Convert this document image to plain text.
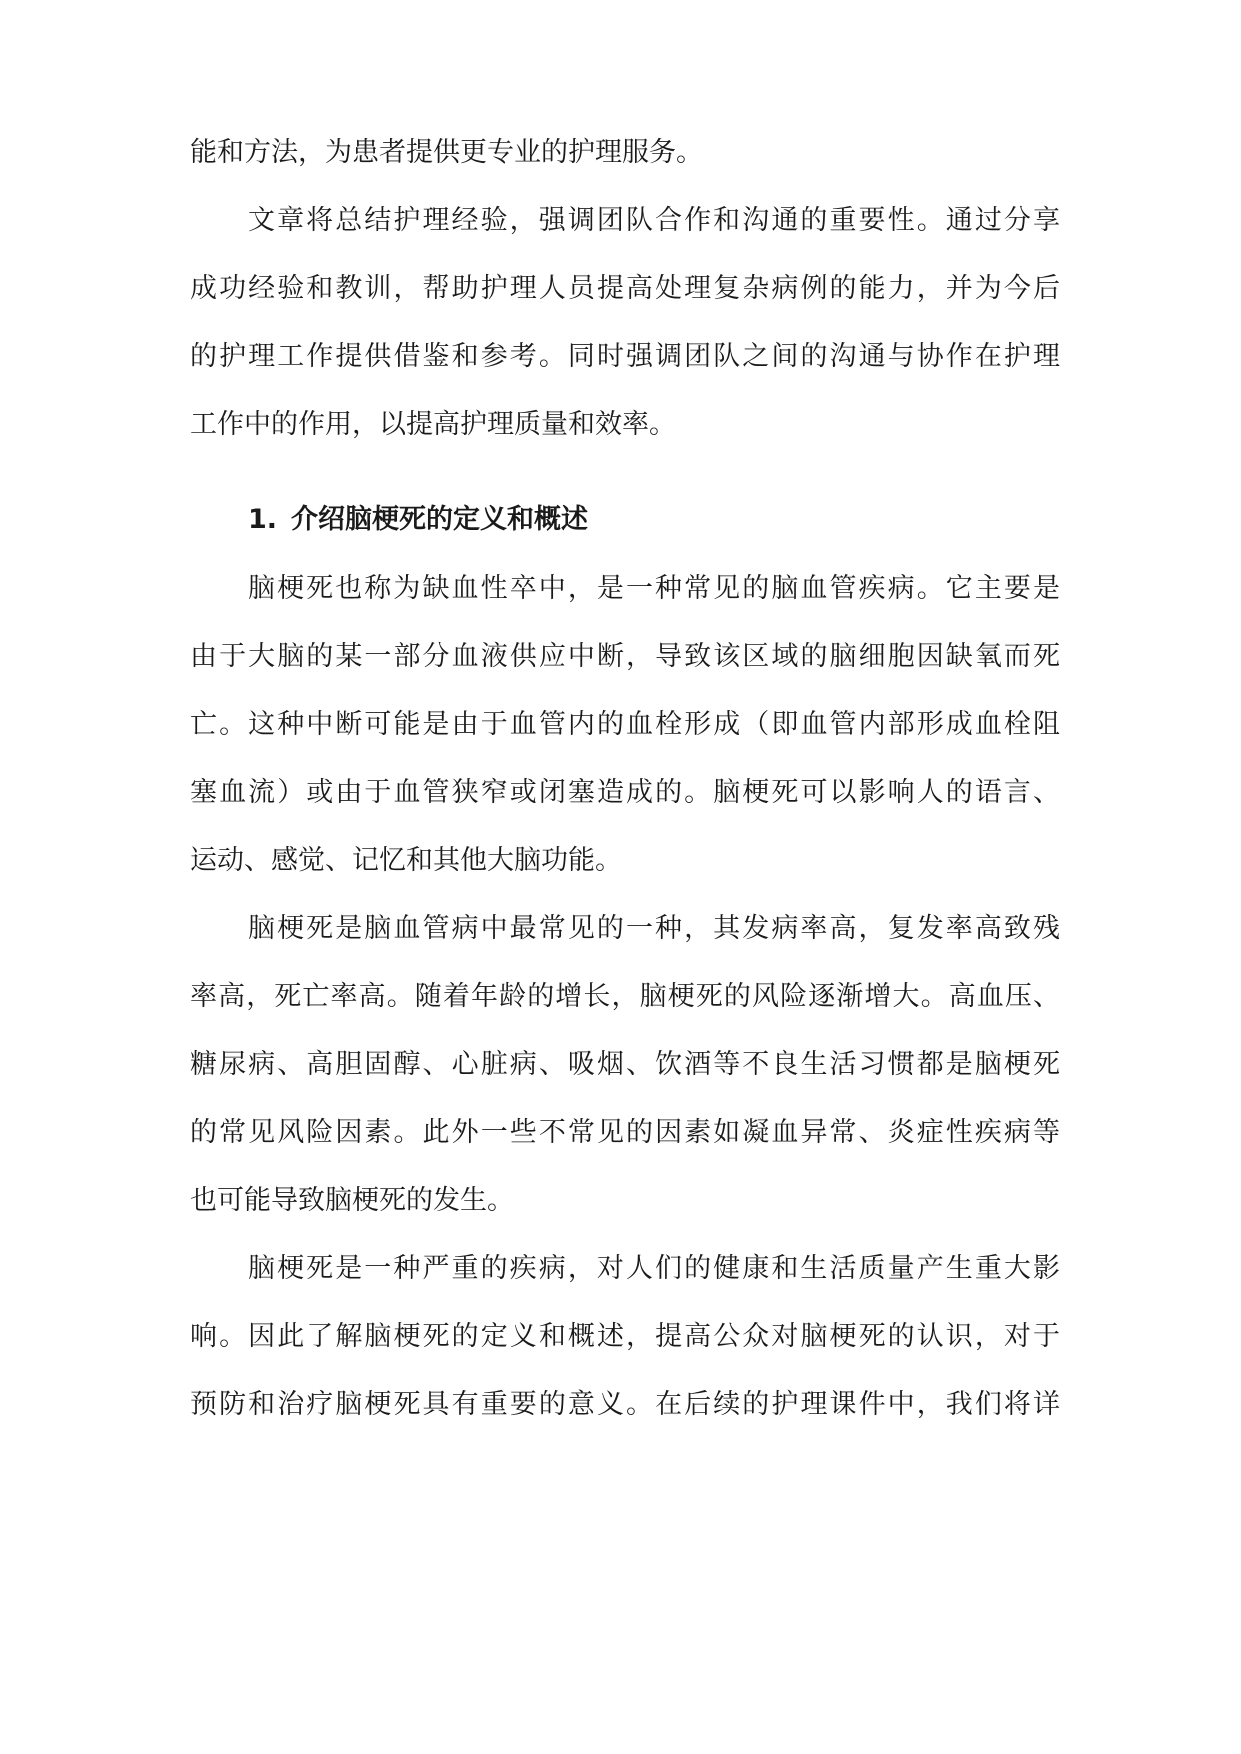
能和方法，为患者提供更专业的护理服务。
文章将总结护理经验，强调团队合作和沟通的重要性。通过分享
成功经验和教训，帮助护理人员提高处理复杂病例的能力，并为今后
的护理工作提供借鉴和参考。同时强调团队之间的沟通与协作在护理
工作中的作用，以提高护理质量和效率。
1. 介绍脑梗死的定义和概述
脑梗死也称为缺血性卒中，是一种常见的脑血管疾病。它主要是
由于大脑的某一部分血液供应中断，导致该区域的脑细胞因缺氧而死
亡。这种中断可能是由于血管内的血栓形成（即血管内部形成血栓阻
塞血流）或由于血管狭窄或闭塞造成的。脑梗死可以影响人的语言、
运动、感觉、记忆和其他大脑功能。
脑梗死是脑血管病中最常见的一种，其发病率高，复发率高致残
率高，死亡率高。随着年龄的增长，脑梗死的风险逐渐增大。高血压、
糖尿病、高胆固醇、心脏病、吸烟、饮酒等不良生活习惯都是脑梗死
的常见风险因素。此外一些不常见的因素如凝血异常、炎症性疾病等
也可能导致脑梗死的发生。
脑梗死是一种严重的疾病，对人们的健康和生活质量产生重大影
响。因此了解脑梗死的定义和概述，提高公众对脑梗死的认识，对于
预防和治疗脑梗死具有重要的意义。在后续的护理课件中，我们将详
